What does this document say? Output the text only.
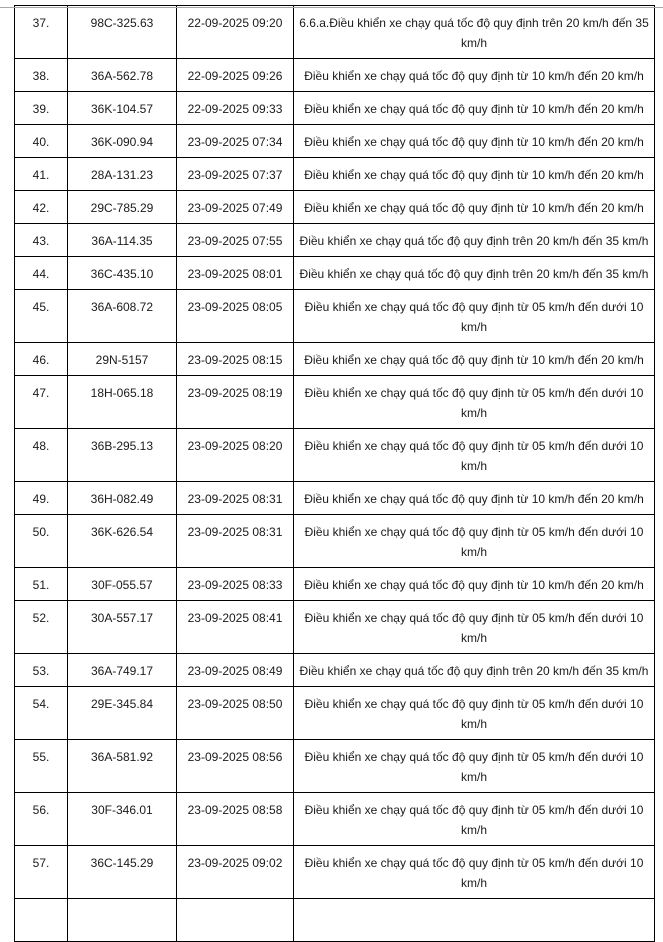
37.	98C-325.63	22-09-2025 09:20	6.6.a.Điều khiển xe chạy quá tốc độ quy định trên 20 km/h đến 35 km/h
38.	36A-562.78	22-09-2025 09:26	Điều khiển xe chạy quá tốc độ quy định từ 10 km/h đến 20 km/h
39.	36K-104.57	22-09-2025 09:33	Điều khiển xe chạy quá tốc độ quy định từ 10 km/h đến 20 km/h
40.	36K-090.94	23-09-2025 07:34	Điều khiển xe chạy quá tốc độ quy định từ 10 km/h đến 20 km/h
41.	28A-131.23	23-09-2025 07:37	Điều khiển xe chạy quá tốc độ quy định từ 10 km/h đến 20 km/h
42.	29C-785.29	23-09-2025 07:49	Điều khiển xe chạy quá tốc độ quy định từ 10 km/h đến 20 km/h
43.	36A-114.35	23-09-2025 07:55	Điều khiển xe chạy quá tốc độ quy định trên 20 km/h đến 35 km/h
44.	36C-435.10	23-09-2025 08:01	Điều khiển xe chạy quá tốc độ quy định trên 20 km/h đến 35 km/h
45.	36A-608.72	23-09-2025 08:05	Điều khiển xe chạy quá tốc độ quy định từ 05 km/h đến dưới 10 km/h
46.	29N-5157	23-09-2025 08:15	Điều khiển xe chạy quá tốc độ quy định từ 10 km/h đến 20 km/h
47.	18H-065.18	23-09-2025 08:19	Điều khiển xe chạy quá tốc độ quy định từ 05 km/h đến dưới 10 km/h
48.	36B-295.13	23-09-2025 08:20	Điều khiển xe chạy quá tốc độ quy định từ 05 km/h đến dưới 10 km/h
49.	36H-082.49	23-09-2025 08:31	Điều khiển xe chạy quá tốc độ quy định từ 10 km/h đến 20 km/h
50.	36K-626.54	23-09-2025 08:31	Điều khiển xe chạy quá tốc độ quy định từ 05 km/h đến dưới 10 km/h
51.	30F-055.57	23-09-2025 08:33	Điều khiển xe chạy quá tốc độ quy định từ 10 km/h đến 20 km/h
52.	30A-557.17	23-09-2025 08:41	Điều khiển xe chạy quá tốc độ quy định từ 05 km/h đến dưới 10 km/h
53.	36A-749.17	23-09-2025 08:49	Điều khiển xe chạy quá tốc độ quy định trên 20 km/h đến 35 km/h
54.	29E-345.84	23-09-2025 08:50	Điều khiển xe chạy quá tốc độ quy định từ 05 km/h đến dưới 10 km/h
55.	36A-581.92	23-09-2025 08:56	Điều khiển xe chạy quá tốc độ quy định từ 05 km/h đến dưới 10 km/h
56.	30F-346.01	23-09-2025 08:58	Điều khiển xe chạy quá tốc độ quy định từ 05 km/h đến dưới 10 km/h
57.	36C-145.29	23-09-2025 09:02	Điều khiển xe chạy quá tốc độ quy định từ 05 km/h đến dưới 10 km/h
